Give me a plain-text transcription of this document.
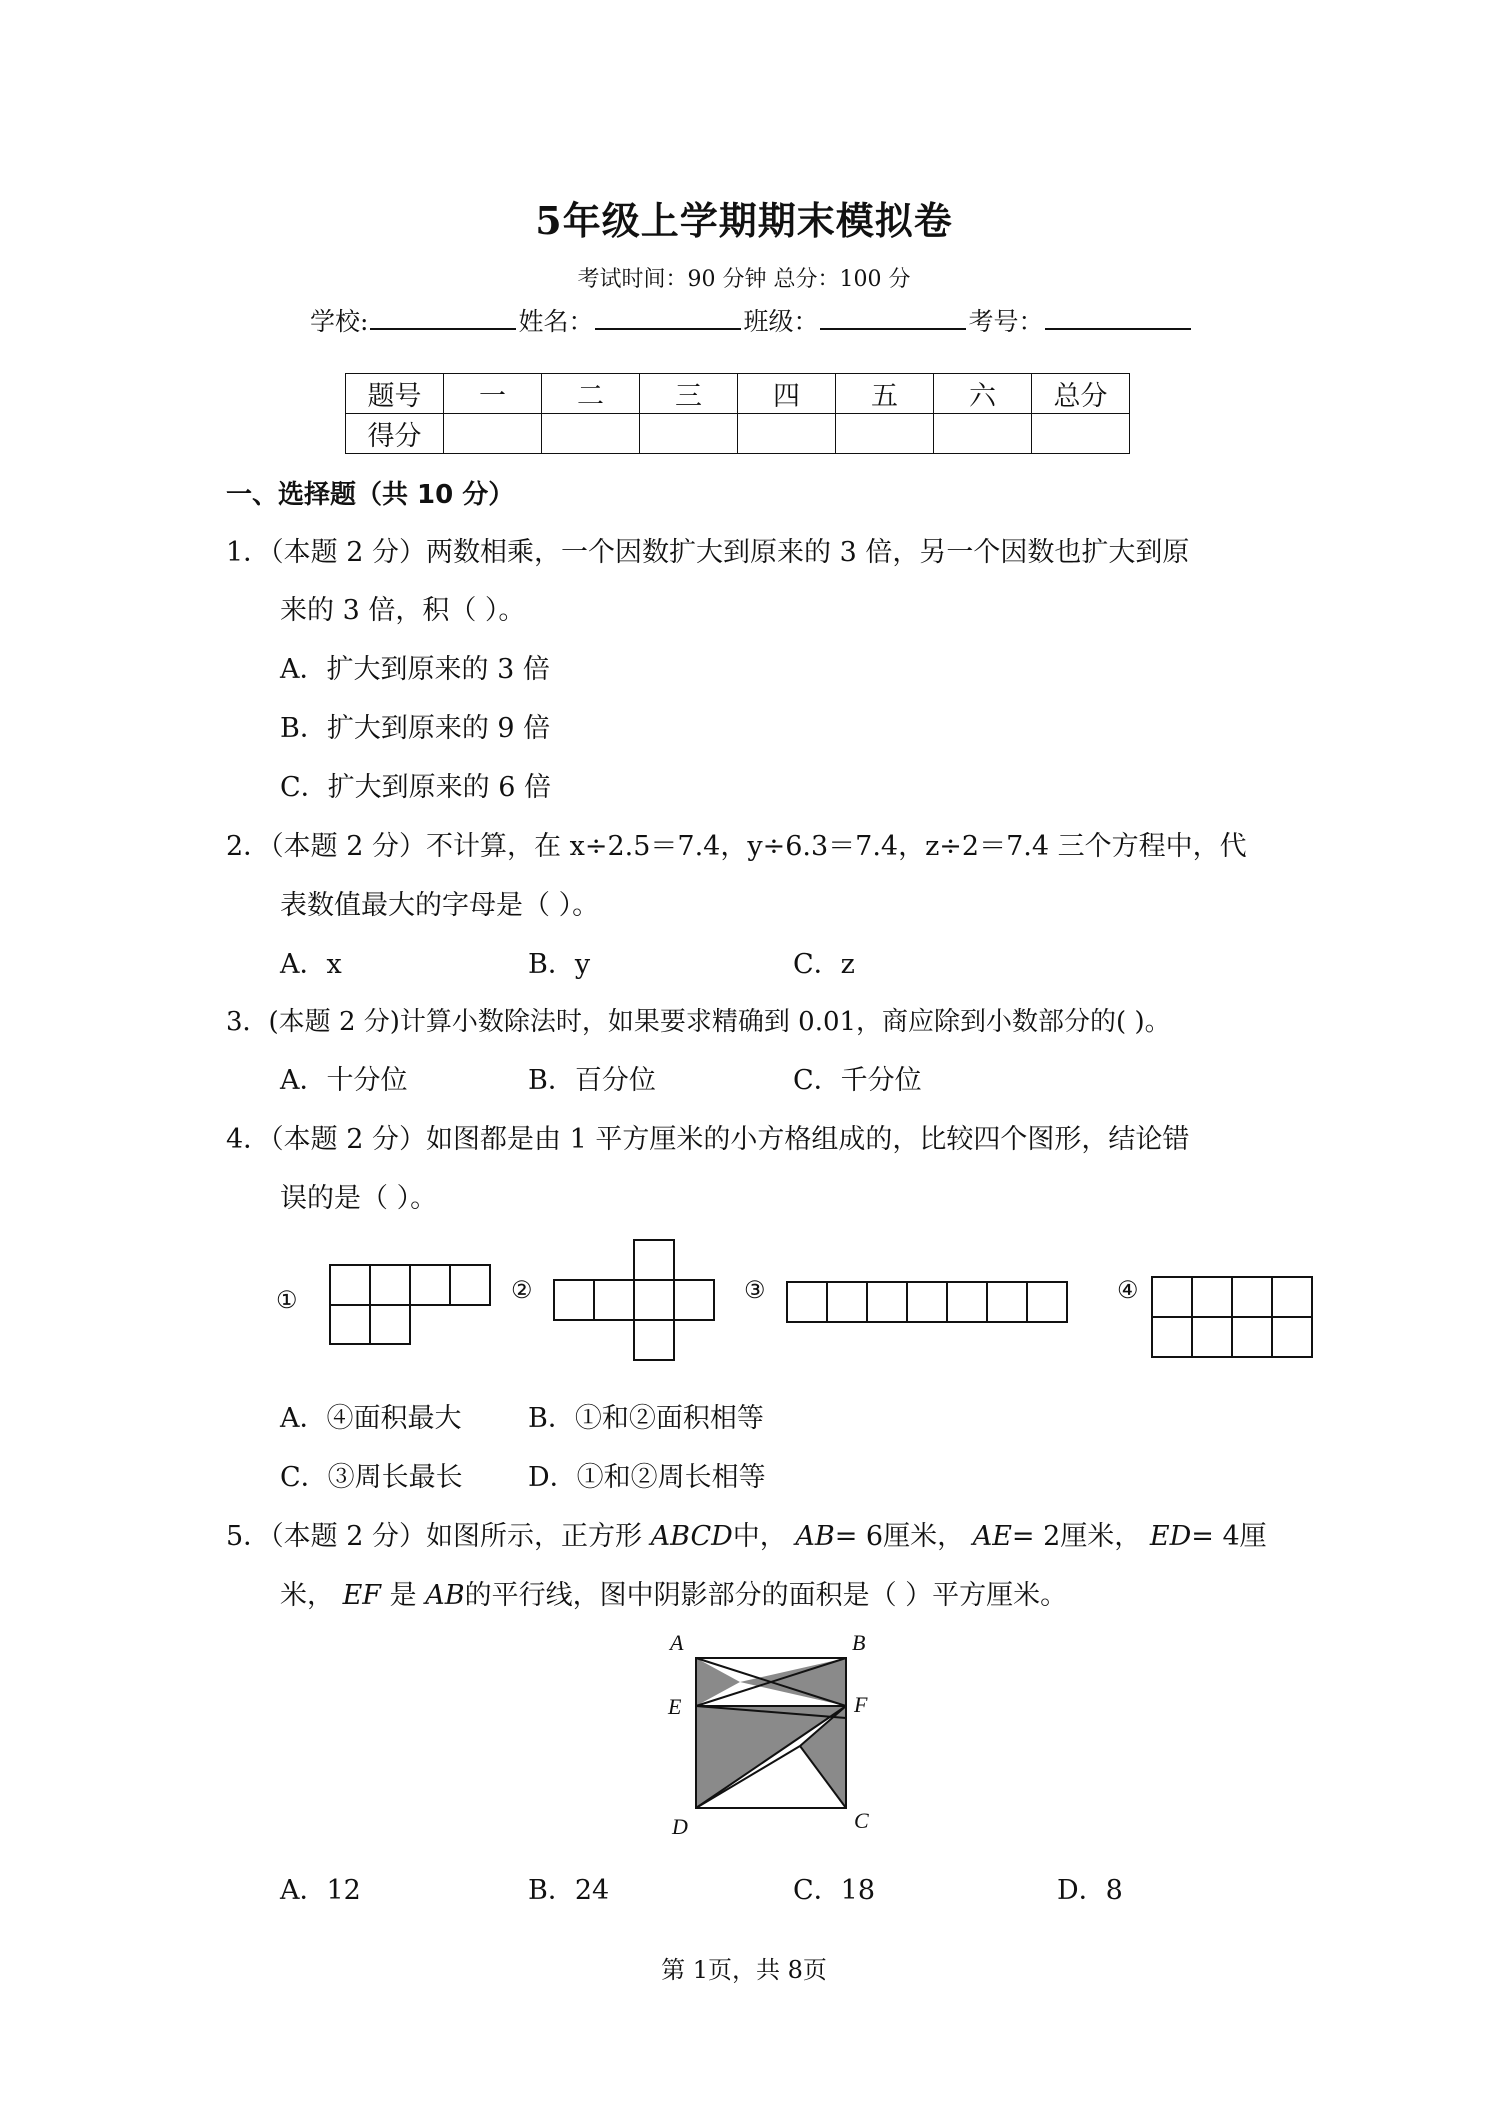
5年级上学期期末模拟卷
考试时间：90 分钟 总分：100 分
学校:	姓名：	班级：	考号：
题号	一	二	三	四	五	六	总分
得分							
一、选择题（共 10 分）
1．（本题 2 分）两数相乘，一个因数扩大到原来的 3 倍，另一个因数也扩大到原
来的 3 倍，积（ ）。
A．扩大到原来的 3 倍
B．扩大到原来的 9 倍
C．扩大到原来的 6 倍
2．（本题 2 分）不计算，在 x÷2.5＝7.4，y÷6.3＝7.4，z÷2＝7.4 三个方程中，代
表数值最大的字母是（ ）。
A．x	B．y	C．z
3．(本题 2 分)计算小数除法时，如果要求精确到 0.01，商应除到小数部分的( )。
A．十分位	B．百分位	C．千分位
4．（本题 2 分）如图都是由 1 平方厘米的小方格组成的，比较四个图形，结论错
误的是（ ）。
①	②	③	④
A．④面积最大 B．①和②面积相等
C．③周长最长 D．①和②周长相等
5．（本题 2 分）如图所示，正方形 ABCD中， AB= 6厘米， AE= 2厘米， ED= 4厘
米， EF 是 AB的平行线，图中阴影部分的面积是（ ）平方厘米。
A	B
E	F
D	C
A．12	B．24	C．18	D．8
第 1页，共 8页
